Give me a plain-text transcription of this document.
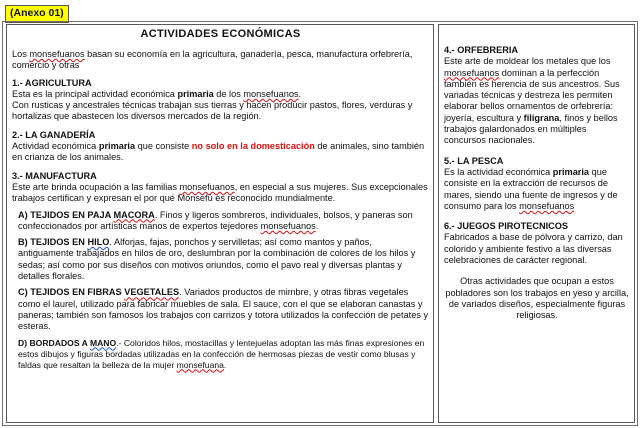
(Anexo 01)
ACTIVIDADES ECONÓMICAS

Los monsefuanos basan su economía en la agricultura, ganadería, pesca, manufactura orfebrería, comercio y otras

1.- AGRICULTURA

Esta es la principal actividad económica primaria de los monsefuanos.

Con rusticas y ancestrales técnicas trabajan sus tierras y hacen producir pastos, flores, verduras y hortalizas que abastecen los diversos mercados de la región.

2.- LA GANADERÍA

Actividad económica primaria que consiste no solo en la domesticación de animales, sino también en crianza de los animales.

3.- MANUFACTURA

Este arte brinda ocupación a las familias monsefuanos, en especial a sus mujeres. Sus excepcionales trabajos certifican y expresan el por qué Monsefú es reconocido mundialmente.

A) TEJIDOS EN PAJA MACORA. Finos y ligeros sombreros, individuales, bolsos, y paneras son confeccionados por artísticas manos de expertos tejedores monsefuanos.

B) TEJIDOS EN HILO. Alforjas, fajas, ponchos y servilletas; así como mantos y paños, antiguamente trabajados en hilos de oro, deslumbran por la combinación de colores de los hilos y sedas; así como por sus diseños con motivos oriundos, como el pavo real y diversas plantas y detalles florales.

C) TEJIDOS EN FIBRAS VEGETALES. Variados productos de mimbre, y otras fibras vegetales como el laurel, utilizado para fabricar muebles de sala. El sauce, con el que se elaboran canastas y paneras; también son famosos los trabajos con carrizos y totora utilizados la confección de petates y esteras.

D) BORDADOS A MANO.- Coloridos hilos, mostacillas y lentejuelas adoptan las más finas expresiones en estos dibujos y figuras bordadas utilizadas en la confección de hermosas piezas de vestir como blusas y faldas que resaltan la belleza de la mujer monsefuana.

4.- ORFEBRERIA

Este arte de moldear los metales que los monsefuanos dominan a la perfección también es herencia de sus ancestros. Sus variadas técnicas y destreza les permiten elaborar bellos ornamentos de orfebrería: joyería, escultura y filigrana, finos y bellos trabajos galardonados en múltiples concursos nacionales.

5.- LA PESCA

Es la actividad económica primaria que consiste en la extracción de recursos de mares, siendo una fuente de ingresos y de consumo para los monsefuanos

6.- JUEGOS PIROTECNICOS

Fabricados a base de pólvora y carrizo, dan colorido y ambiente festivo a las diversas celebraciones de carácter regional.

Otras actividades que ocupan a estos pobladores son los trabajos en yeso y arcilla, de variados diseños, especialmente figuras religiosas.
